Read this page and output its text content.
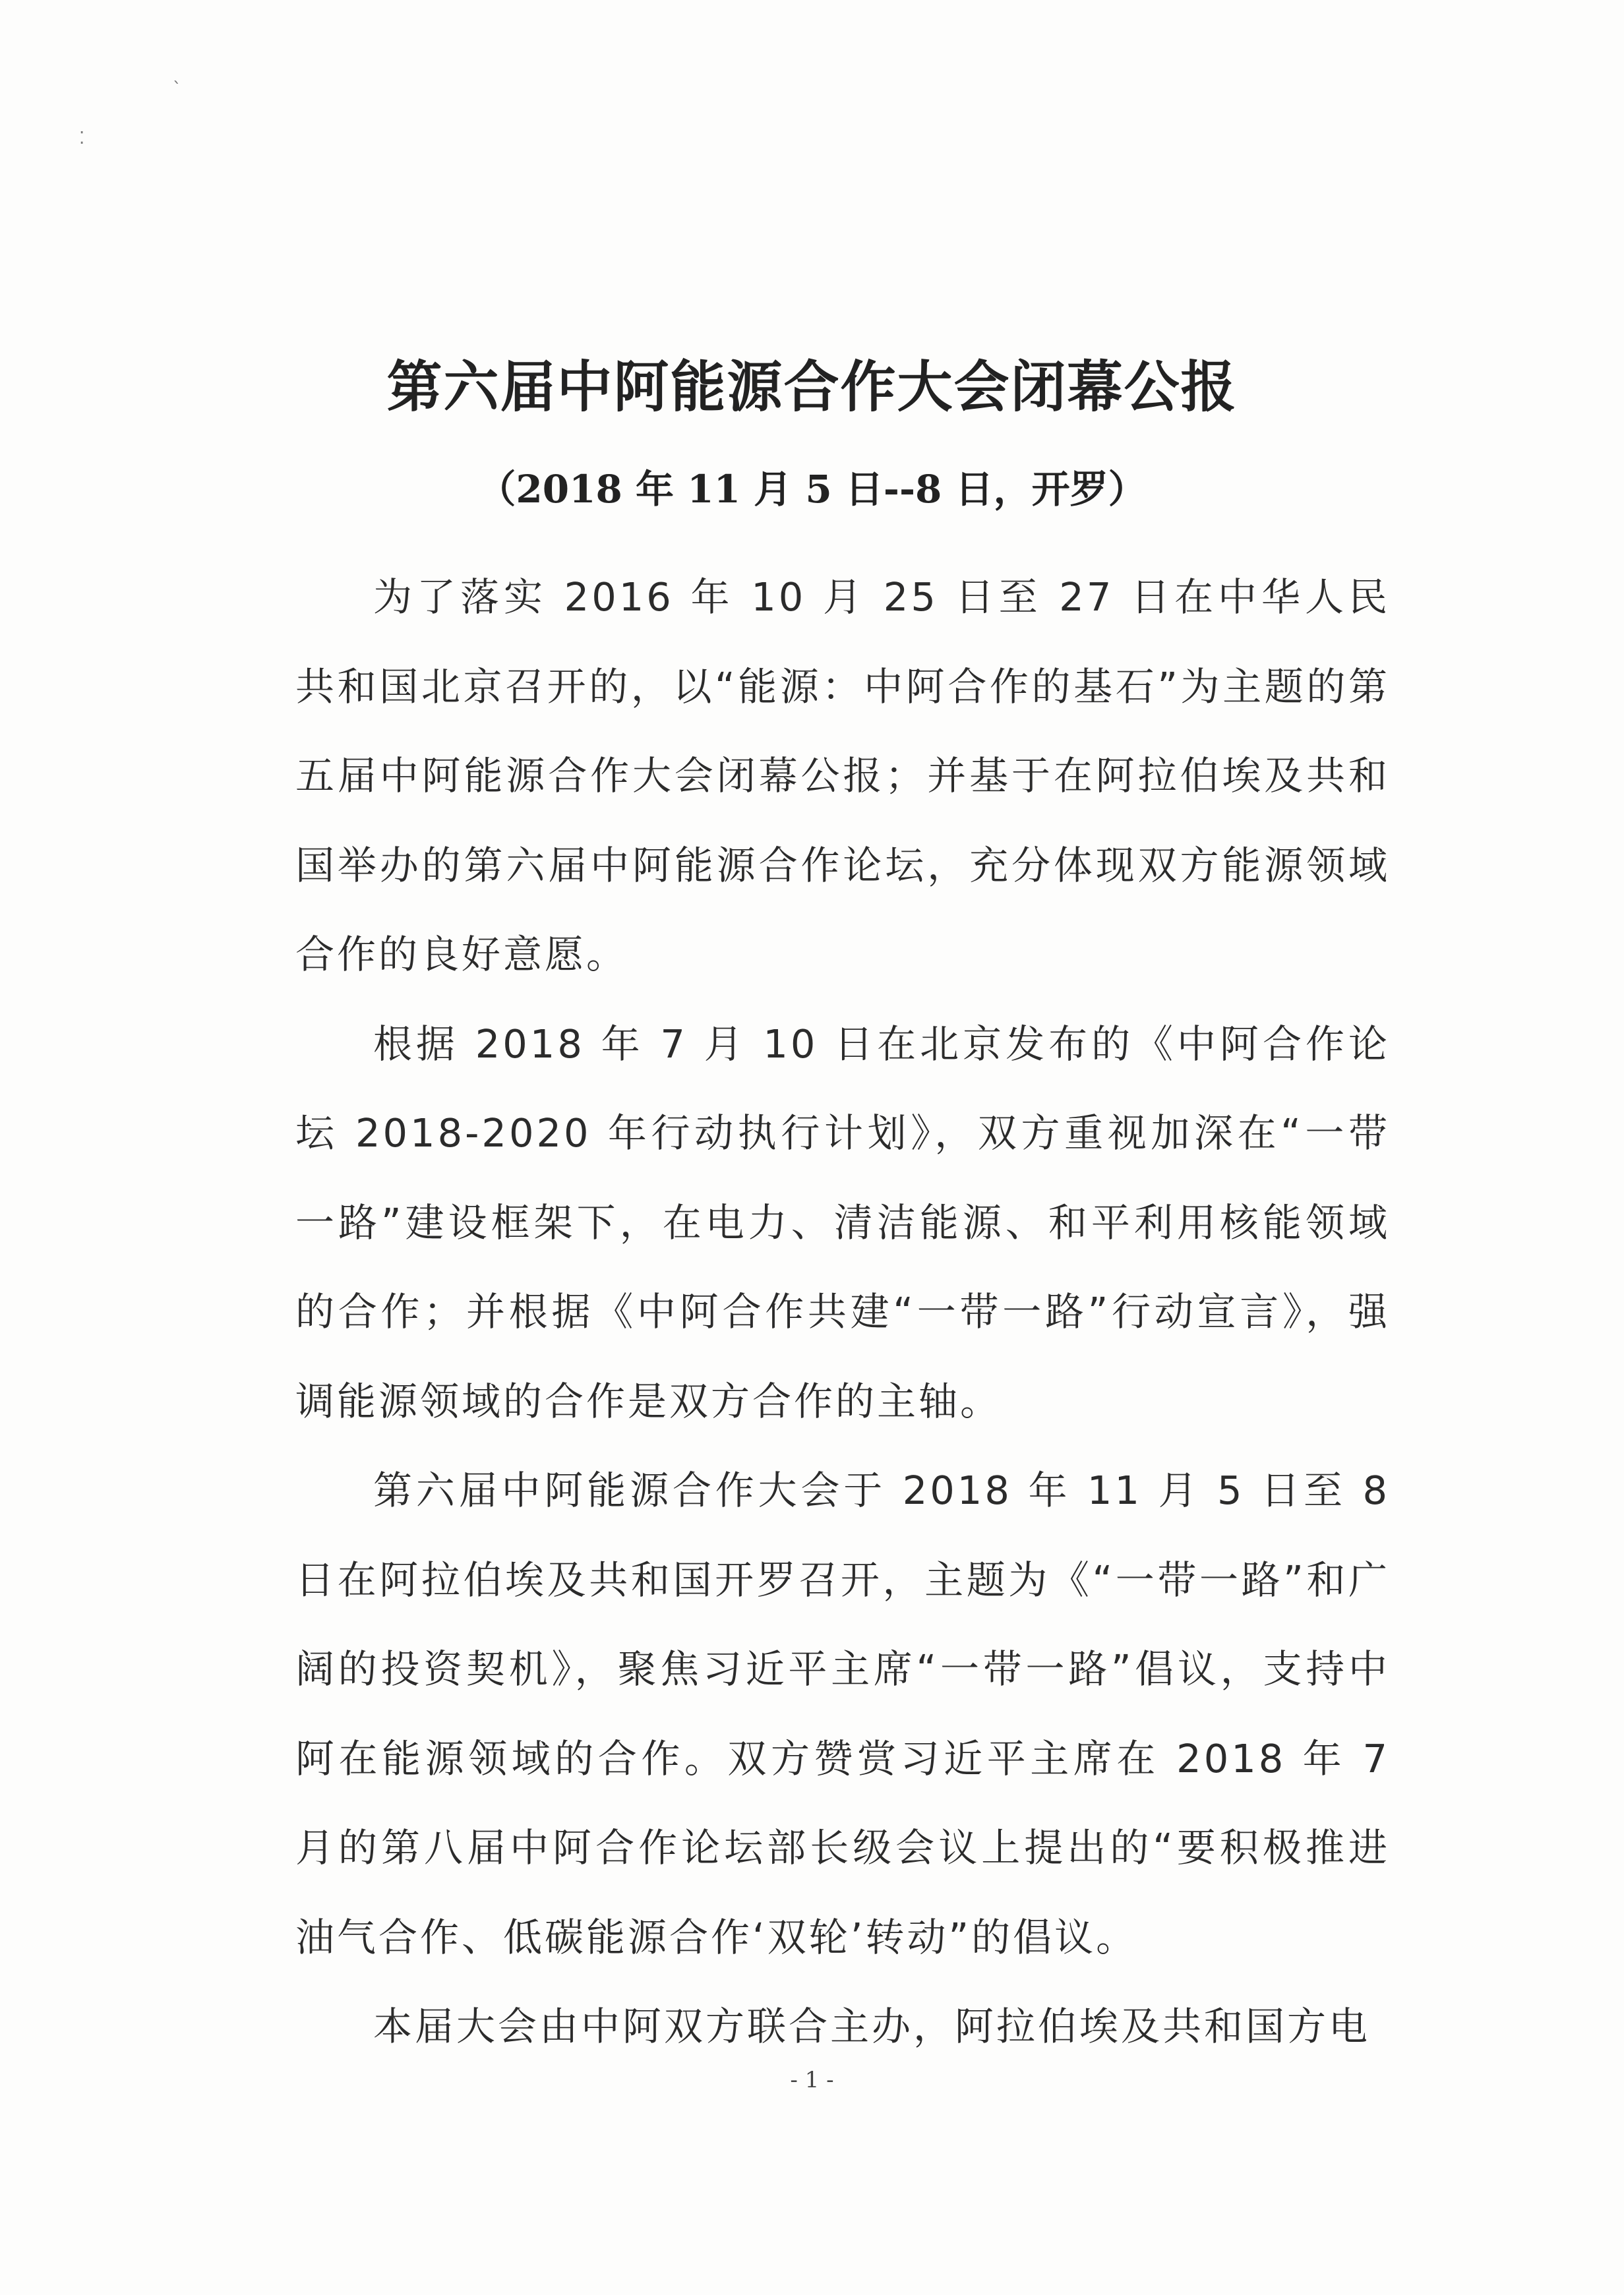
ˋ
⁚
第六届中阿能源合作大会闭幕公报
（2018 年 11 月 5 日--8 日，开罗）

为了落实 2016 年 10 月 25 日至 27 日在中华人民共和国北京召开的，以“能源：中阿合作的基石”为主题的第五届中阿能源合作大会闭幕公报；并基于在阿拉伯埃及共和国举办的第六届中阿能源合作论坛，充分体现双方能源领域合作的良好意愿。

根据 2018 年 7 月 10 日在北京发布的《中阿合作论坛 2018-2020 年行动执行计划》，双方重视加深在“一带一路”建设框架下，在电力、清洁能源、和平利用核能领域的合作；并根据《中阿合作共建“一带一路”行动宣言》，强调能源领域的合作是双方合作的主轴。

第六届中阿能源合作大会于 2018 年 11 月 5 日至 8 日在阿拉伯埃及共和国开罗召开，主题为《“一带一路”和广阔的投资契机》，聚焦习近平主席“一带一路”倡议，支持中阿在能源领域的合作。双方赞赏习近平主席在 2018 年 7 月的第八届中阿合作论坛部长级会议上提出的“要积极推进油气合作、低碳能源合作‘双轮’转动”的倡议。

本届大会由中阿双方联合主办，阿拉伯埃及共和国方电

- 1 -
